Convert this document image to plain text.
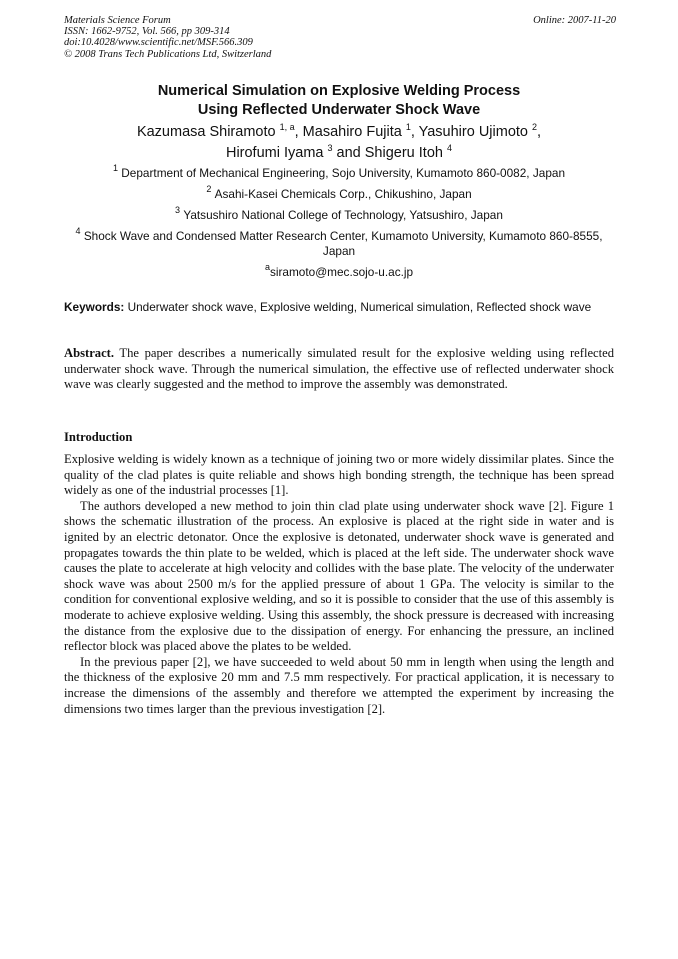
Materials Science Forum
ISSN: 1662-9752, Vol. 566, pp 309-314
doi:10.4028/www.scientific.net/MSF.566.309
© 2008 Trans Tech Publications Ltd, Switzerland
Online: 2007-11-20
Numerical Simulation on Explosive Welding Process
Using Reflected Underwater Shock Wave
Kazumasa Shiramoto $^{1, a}$, Masahiro Fujita $^1$, Yasuhiro Ujimoto $^2$,
Hirofumi Iyama $^3$ and Shigeru Itoh $^4$
$^1$ Department of Mechanical Engineering, Sojo University, Kumamoto 860-0082, Japan
$^2$ Asahi-Kasei Chemicals Corp., Chikushino, Japan
$^3$ Yatsushiro National College of Technology, Yatsushiro, Japan
$^4$ Shock Wave and Condensed Matter Research Center, Kumamoto University, Kumamoto 860-8555, Japan
$^a$siramoto@mec.sojo-u.ac.jp
Keywords: Underwater shock wave, Explosive welding, Numerical simulation, Reflected shock wave
Abstract. The paper describes a numerically simulated result for the explosive welding using reflected underwater shock wave. Through the numerical simulation, the effective use of reflected underwater shock wave was clearly suggested and the method to improve the assembly was demonstrated.
Introduction

Explosive welding is widely known as a technique of joining two or more widely dissimilar plates. Since the quality of the clad plates is quite reliable and shows high bonding strength, the technique has been spread widely as one of the industrial processes [1].

The authors developed a new method to join thin clad plate using underwater shock wave [2]. Figure 1 shows the schematic illustration of the process. An explosive is placed at the right side in water and is ignited by an electric detonator. Once the explosive is detonated, underwater shock wave is generated and propagates towards the thin plate to be welded, which is placed at the left side. The underwater shock wave causes the plate to accelerate at high velocity and collides with the base plate. The velocity of the underwater shock wave was about 2500 m/s for the applied pressure of about 1 GPa. The velocity is similar to the condition for conventional explosive welding, and so it is possible to consider that the use of this assembly is moderate to achieve explosive welding. Using this assembly, the shock pressure is decreased with increasing the distance from the explosive due to the dissipation of energy. For enhancing the pressure, an inclined reflector block was placed above the plates to be welded.

In the previous paper [2], we have succeeded to weld about 50 mm in length when using the length and the thickness of the explosive 20 mm and 7.5 mm respectively. For practical application, it is necessary to increase the dimensions of the assembly and therefore we attempted the experiment by increasing the dimensions two times larger than the previous investigation [2].
